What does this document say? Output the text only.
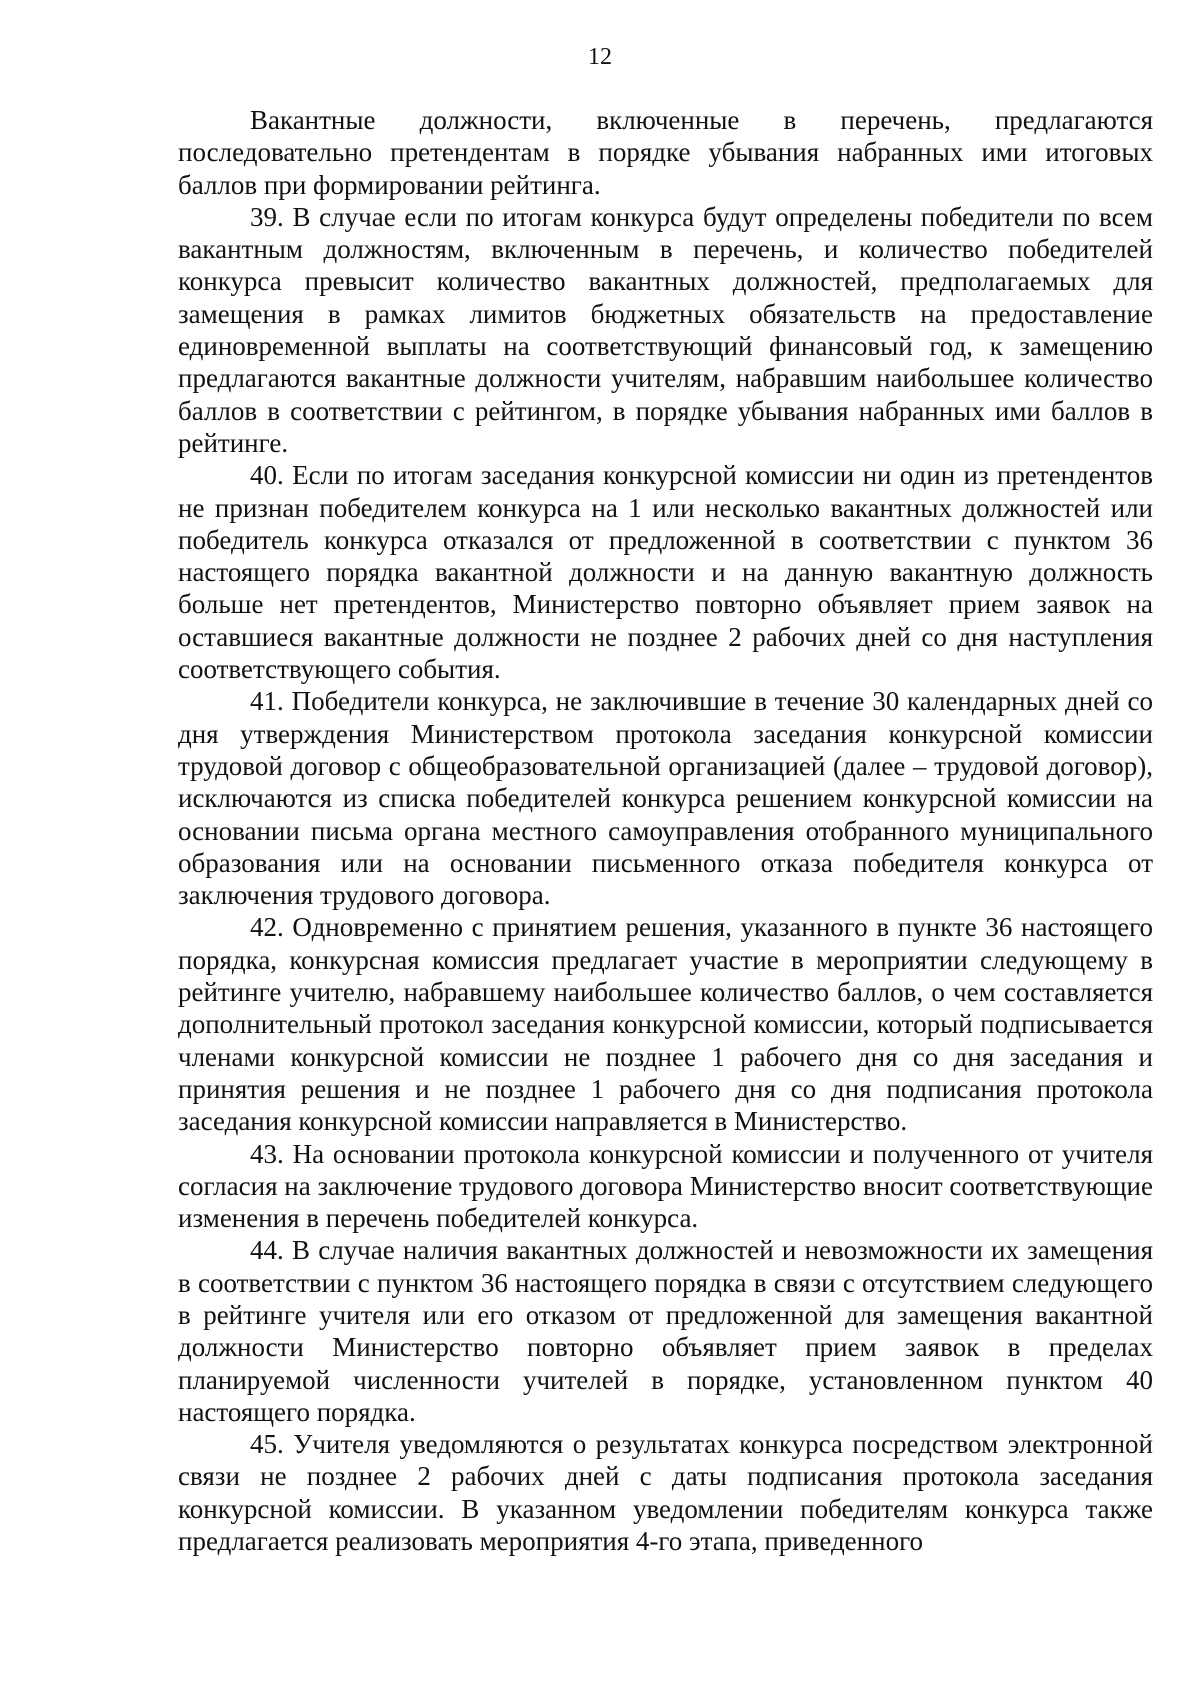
12

Вакантные должности, включенные в перечень, предлагаются последовательно претендентам в порядке убывания набранных ими итоговых баллов при формировании рейтинга.

39. В случае если по итогам конкурса будут определены победители по всем вакантным должностям, включенным в перечень, и количество победителей конкурса превысит количество вакантных должностей, предполагаемых для замещения в рамках лимитов бюджетных обязательств на предоставление единовременной выплаты на соответствующий финансовый год, к замещению предлагаются вакантные должности учителям, набравшим наибольшее количество баллов в соответствии с рейтингом, в порядке убывания набранных ими баллов в рейтинге.

40. Если по итогам заседания конкурсной комиссии ни один из претендентов не признан победителем конкурса на 1 или несколько вакантных должностей или победитель конкурса отказался от предложенной в соответствии с пунктом 36 настоящего порядка вакантной должности и на данную вакантную должность больше нет претендентов, Министерство повторно объявляет прием заявок на оставшиеся вакантные должности не позднее 2 рабочих дней со дня наступления соответствующего события.

41. Победители конкурса, не заключившие в течение 30 календарных дней со дня утверждения Министерством протокола заседания конкурсной комиссии трудовой договор с общеобразовательной организацией (далее – трудовой договор), исключаются из списка победителей конкурса решением конкурсной комиссии на основании письма органа местного самоуправления отобранного муниципального образования или на основании письменного отказа победителя конкурса от заключения трудового договора.

42. Одновременно с принятием решения, указанного в пункте 36 настоящего порядка, конкурсная комиссия предлагает участие в мероприятии следующему в рейтинге учителю, набравшему наибольшее количество баллов, о чем составляется дополнительный протокол заседания конкурсной комиссии, который подписывается членами конкурсной комиссии не позднее 1 рабочего дня со дня заседания и принятия решения и не позднее 1 рабочего дня со дня подписания протокола заседания конкурсной комиссии направляется в Министерство.

43. На основании протокола конкурсной комиссии и полученного от учителя согласия на заключение трудового договора Министерство вносит соответствующие изменения в перечень победителей конкурса.

44. В случае наличия вакантных должностей и невозможности их замещения в соответствии с пунктом 36 настоящего порядка в связи с отсутствием следующего в рейтинге учителя или его отказом от предложенной для замещения вакантной должности Министерство повторно объявляет прием заявок в пределах планируемой численности учителей в порядке, установленном пунктом 40 настоящего порядка.

45. Учителя уведомляются о результатах конкурса посредством электронной связи не позднее 2 рабочих дней с даты подписания протокола заседания конкурсной комиссии. В указанном уведомлении победителям конкурса также предлагается реализовать мероприятия 4-го этапа, приведенного
